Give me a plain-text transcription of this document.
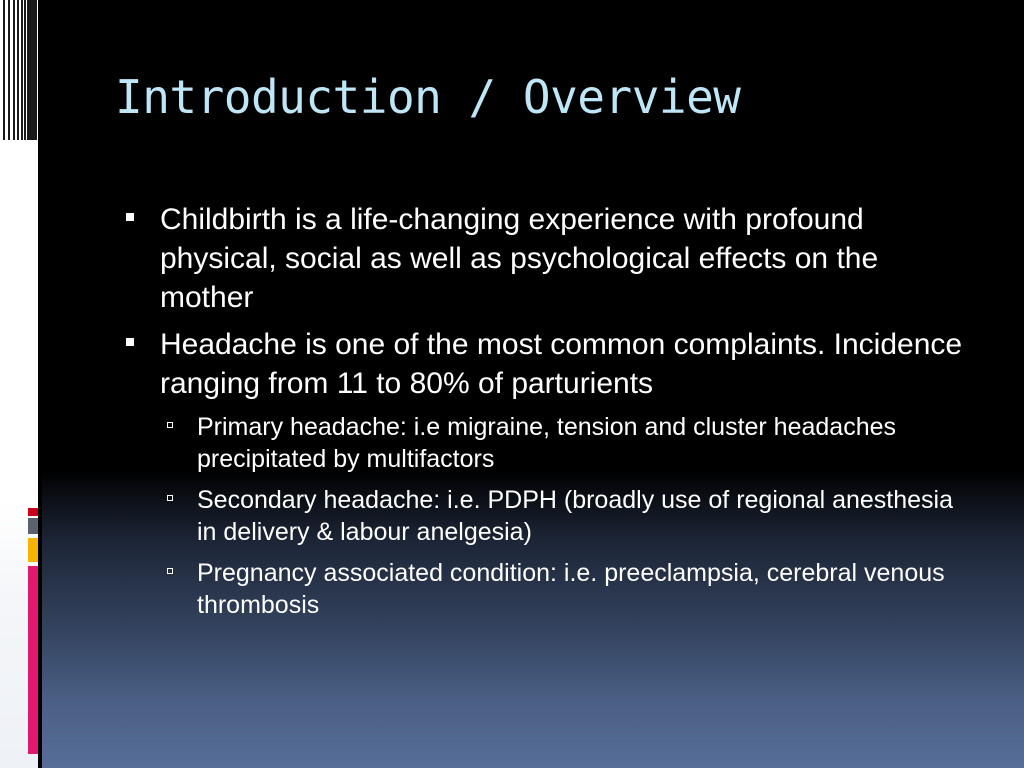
Introduction / Overview
Childbirth is a life-changing experience with profound physical, social as well as psychological effects on the mother
Headache is one of the most common complaints. Incidence ranging from 11 to 80% of parturients
Primary headache: i.e migraine, tension and cluster headaches precipitated by multifactors
Secondary headache: i.e. PDPH (broadly use of regional anesthesia in delivery & labour anelgesia)
Pregnancy associated condition: i.e. preeclampsia, cerebral venous thrombosis
